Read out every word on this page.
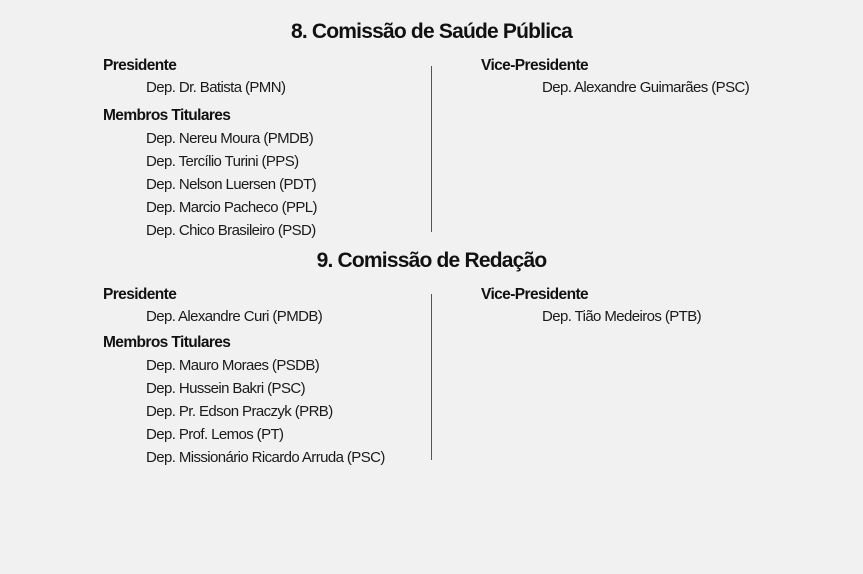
8. Comissão de Saúde Pública
Presidente
Dep. Dr. Batista (PMN)
Membros Titulares
Dep. Nereu Moura (PMDB)
Dep. Tercílio Turini (PPS)
Dep. Nelson Luersen (PDT)
Dep. Marcio Pacheco (PPL)
Dep. Chico Brasileiro (PSD)
Vice-Presidente
Dep. Alexandre Guimarães (PSC)
9. Comissão de Redação
Presidente
Dep. Alexandre Curi (PMDB)
Membros Titulares
Dep. Mauro Moraes (PSDB)
Dep. Hussein Bakri (PSC)
Dep. Pr. Edson Praczyk (PRB)
Dep. Prof. Lemos (PT)
Dep. Missionário Ricardo Arruda (PSC)
Vice-Presidente
Dep. Tião Medeiros (PTB)
